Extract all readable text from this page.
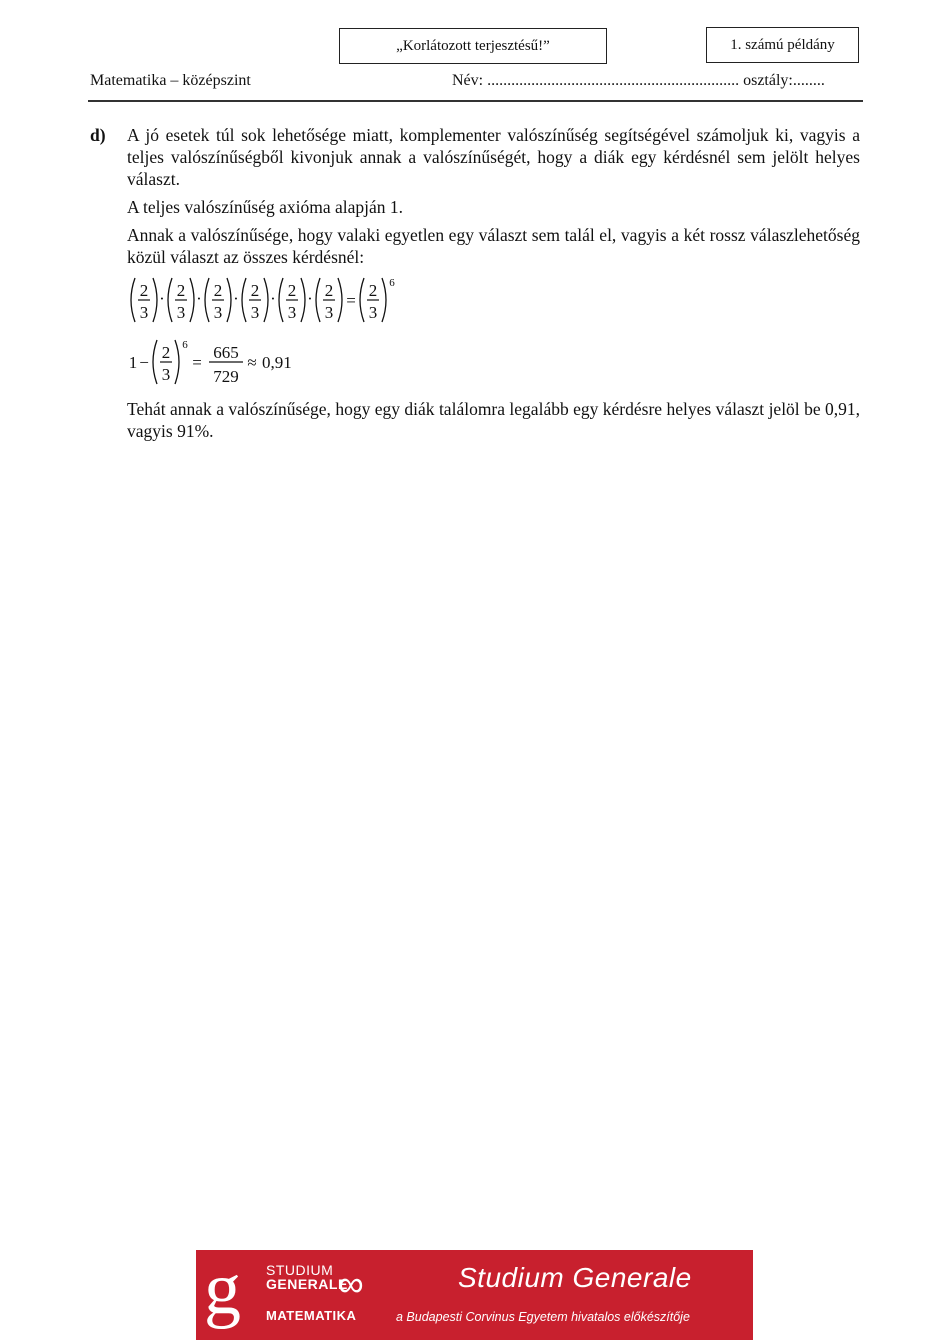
„Korlátozott terjesztésű!”	1. számú példány
Matematika – középszint	Név: ............................................................... osztály:........
d) A jó esetek túl sok lehetősége miatt, komplementer valószínűség segítségével számoljuk ki, vagyis a teljes valószínűségből kivonjuk annak a valószínűségét, hogy a diák egy kérdésnél sem jelölt helyes választ.

A teljes valószínűség axióma alapján 1.

Annak a valószínűsége, hogy valaki egyetlen egy választ sem talál el, vagyis a két rossz válaszlehetőség közül választ az összes kérdésnél:

2
3
· 2
3
· 2
3
· 2
3
· 2
3
· 2
3
=
2
3
6
1 −
2
3
6
=
665
729
≈ 0,91

Tehát annak a valószínűsége, hogy egy diák találomra legalább egy kérdésre helyes választ jelöl be 0,91, vagyis 91%.

g STUDIUM
GENERALE
∞
MATEMATIKA
Studium Generale
a Budapesti Corvinus Egyetem hivatalos előkészítője
